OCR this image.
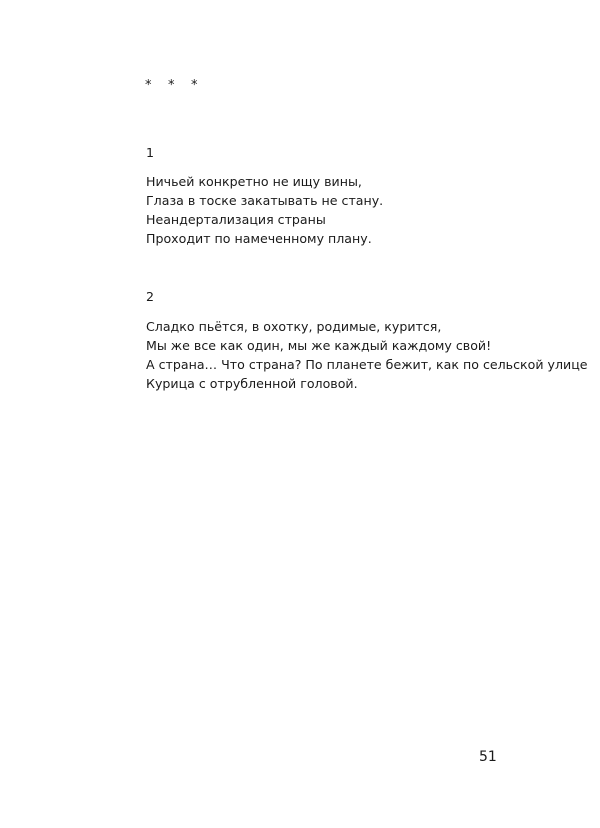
* * *
1
Ничьей конкретно не ищу вины,
Глаза в тоске закатывать не стану.
Неандертализация страны
Проходит по намеченному плану.
2
Сладко пьётся, в охотку, родимые, курится,
Мы же все как один, мы же каждый каждому свой!
А страна… Что страна? По планете бежит, как по сельской улице
Курица с отрубленной головой.
51
